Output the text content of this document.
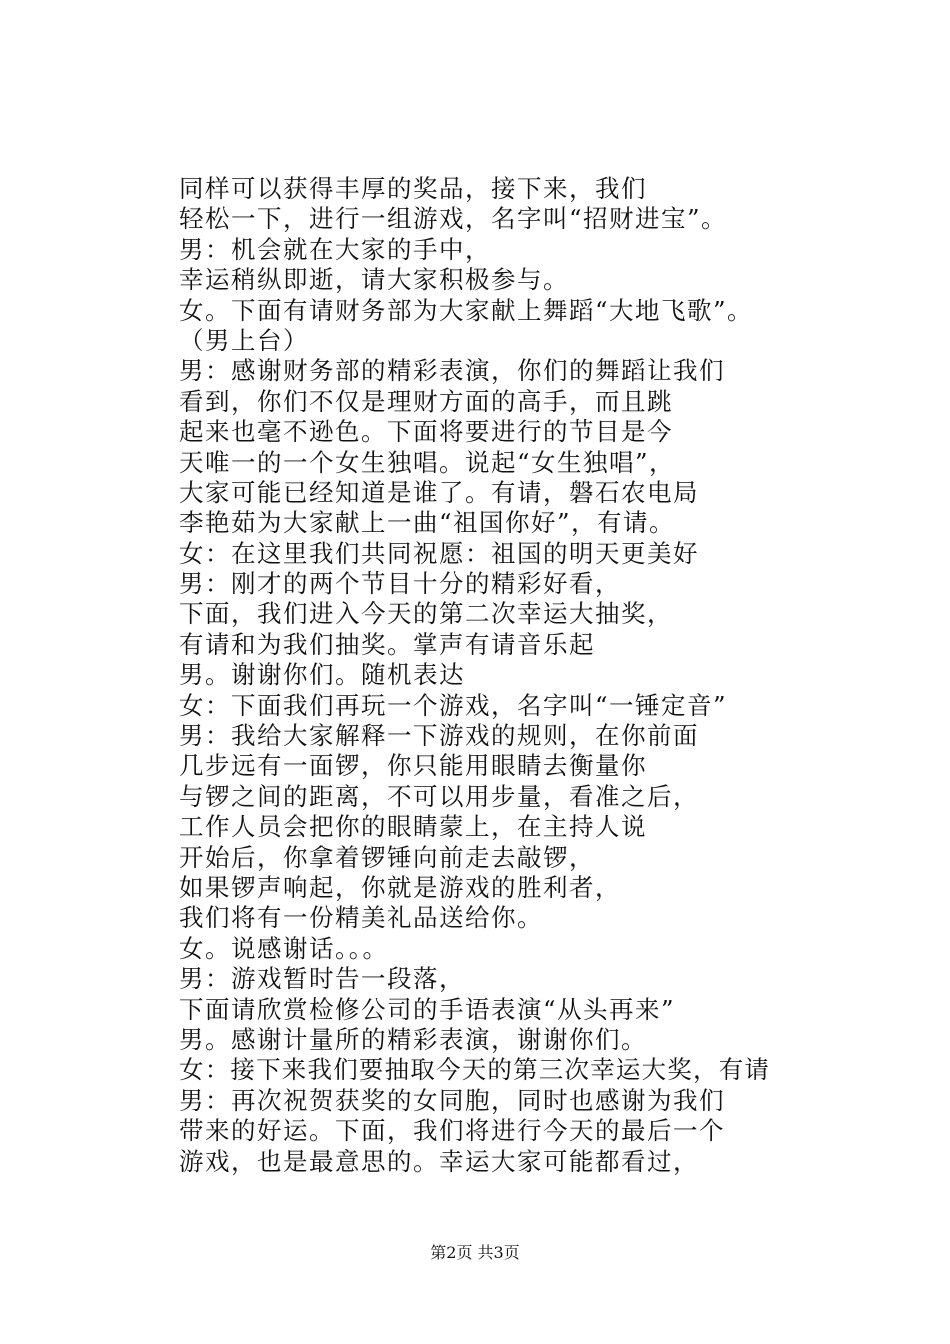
同样可以获得丰厚的奖品，接下来，我们
轻松一下，进行一组游戏，名字叫“招财进宝”。
男：机会就在大家的手中，
幸运稍纵即逝，请大家积极参与。
女。下面有请财务部为大家献上舞蹈“大地飞歌”。
（男上台）
男：感谢财务部的精彩表演，你们的舞蹈让我们
看到，你们不仅是理财方面的高手，而且跳
起来也毫不逊色。下面将要进行的节目是今
天唯一的一个女生独唱。说起“女生独唱”，
大家可能已经知道是谁了。有请，磐石农电局
李艳茹为大家献上一曲“祖国你好”，有请。
女：在这里我们共同祝愿：祖国的明天更美好
男：刚才的两个节目十分的精彩好看，
下面，我们进入今天的第二次幸运大抽奖，
有请和为我们抽奖。掌声有请音乐起
男。谢谢你们。随机表达
女：下面我们再玩一个游戏，名字叫“一锤定音”
男：我给大家解释一下游戏的规则，在你前面
几步远有一面锣，你只能用眼睛去衡量你
与锣之间的距离，不可以用步量，看准之后，
工作人员会把你的眼睛蒙上，在主持人说
开始后，你拿着锣锤向前走去敲锣，
如果锣声响起，你就是游戏的胜利者，
我们将有一份精美礼品送给你。
女。说感谢话。。。
男：游戏暂时告一段落，
下面请欣赏检修公司的手语表演“从头再来”
男。感谢计量所的精彩表演，谢谢你们。
女：接下来我们要抽取今天的第三次幸运大奖，有请
男：再次祝贺获奖的女同胞，同时也感谢为我们
带来的好运。下面，我们将进行今天的最后一个
游戏，也是最意思的。幸运大家可能都看过，
第2页 共3页
